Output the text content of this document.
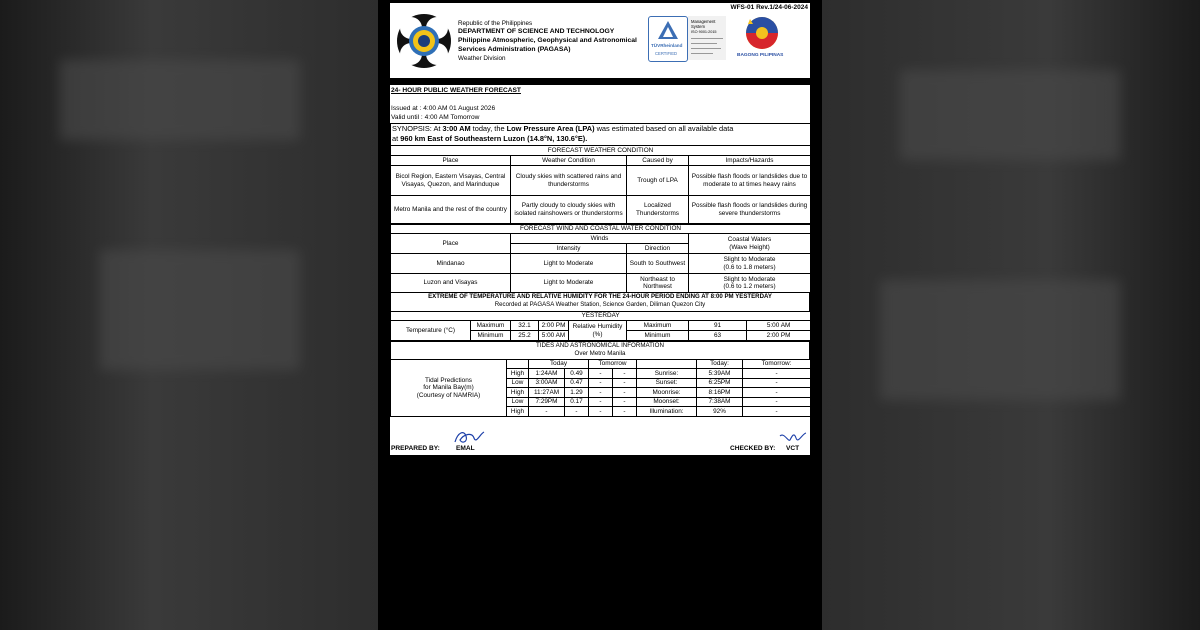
WFS-01 Rev.1/24-06-2024
Republic of the Philippines
DEPARTMENT OF SCIENCE AND TECHNOLOGY
Philippine Atmospheric, Geophysical and Astronomical
Services Administration (PAGASA)
Weather Division
TÜVRheinland
CERTIFIED
Management
System
ISO 9001:2015
BAGONG PILIPINAS
24- HOUR PUBLIC WEATHER FORECAST
Issued at : 4:00 AM 01 August 2026
Valid until : 4:00 AM Tomorrow
SYNOPSIS: At 3:00 AM today, the Low Pressure Area (LPA) was estimated based on all available data
at 960 km East of Southeastern Luzon (14.8°N, 130.6°E).
FORECAST WEATHER CONDITION			
Place	Weather Condition	Caused by	Impacts/Hazards
Bicol Region, Eastern Visayas, Central Visayas, Quezon, and Marinduque	Cloudy skies with scattered rains and thunderstorms	Trough of LPA	Possible flash floods or landslides due to moderate to at times heavy rains
Metro Manila and the rest of the country	Partly cloudy to cloudy skies with isolated rainshowers or thunderstorms	Localized Thunderstorms	Possible flash floods or landslides during severe thunderstorms
FORECAST WIND AND COASTAL WATER CONDITION			
Place	Winds		Coastal Waters
(Wave Height)
	Intensity	Direction	
Mindanao	Light to Moderate	South to Southwest	Slight to Moderate
(0.6 to 1.8 meters)
Luzon and Visayas	Light to Moderate	Northeast to Northwest	Slight to Moderate
(0.6 to 1.2 meters)
EXTREME OF TEMPERATURE AND RELATIVE HUMIDITY FOR THE 24-HOUR PERIOD ENDING AT 8:00 PM YESTERDAY
Recorded at PAGASA Weather Station, Science Garden, Diliman Quezon City
YESTERDAY							
Temperature (°C)	Maximum	32.1	2:00 PM	Relative Humidity (%)	Maximum	91	5:00 AM
	Minimum	25.2	5:00 AM		Minimum	63	2:00 PM
TIDES AND ASTRONOMICAL INFORMATION
Over Metro Manila
Tidal Predictions
for Manila Bay(m)
(Courtesy of NAMRIA)		Today		Tomorrow			Today:	Tomorrow:
	High	1:24AM	0.49	-	-	Sunrise:	5:39AM	-
	Low	3:00AM	0.47	-	-	Sunset:	6:25PM	-
	High	11:27AM	1.29	-	-	Moonrise:	8:16PM	-
	Low	7:29PM	0.17	-	-	Moonset:	7:38AM	-
	High	-	-	-	-	Illumination:	92%	-
PREPARED BY: EMAL	CHECKED BY: VCT
